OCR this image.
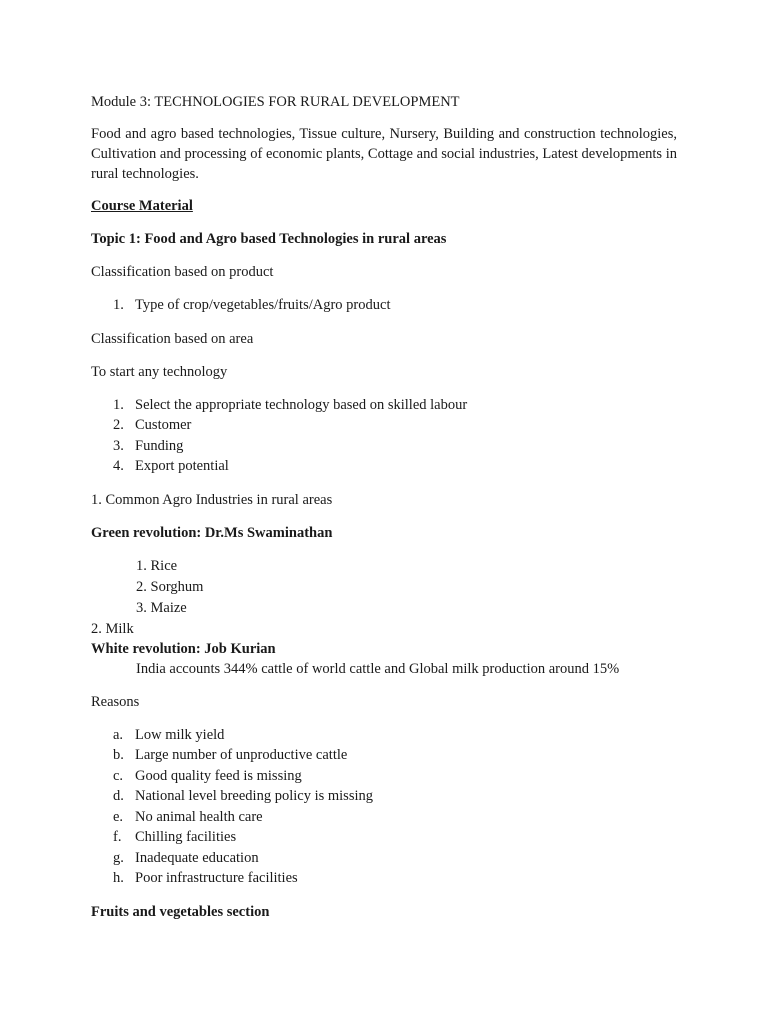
Module 3: TECHNOLOGIES FOR RURAL DEVELOPMENT

Food and agro based technologies, Tissue culture, Nursery, Building and construction technologies, Cultivation and processing of economic plants, Cottage and social industries, Latest developments in rural technologies.

Course Material

Topic 1: Food and Agro based Technologies in rural areas

Classification based on product

1. Type of crop/vegetables/fruits/Agro product

Classification based on area

To start any technology

1. Select the appropriate technology based on skilled labour
2. Customer
3. Funding
4. Export potential

1. Common Agro Industries in rural areas

Green revolution: Dr.Ms Swaminathan

1. Rice
2. Sorghum
3. Maize

2. Milk

White revolution: Job Kurian

India accounts 344% cattle of world cattle and Global milk production around 15%

Reasons

a. Low milk yield
b. Large number of unproductive cattle
c. Good quality feed is missing
d. National level breeding policy is missing
e. No animal health care
f. Chilling facilities
g. Inadequate education
h. Poor infrastructure facilities

Fruits and vegetables section
